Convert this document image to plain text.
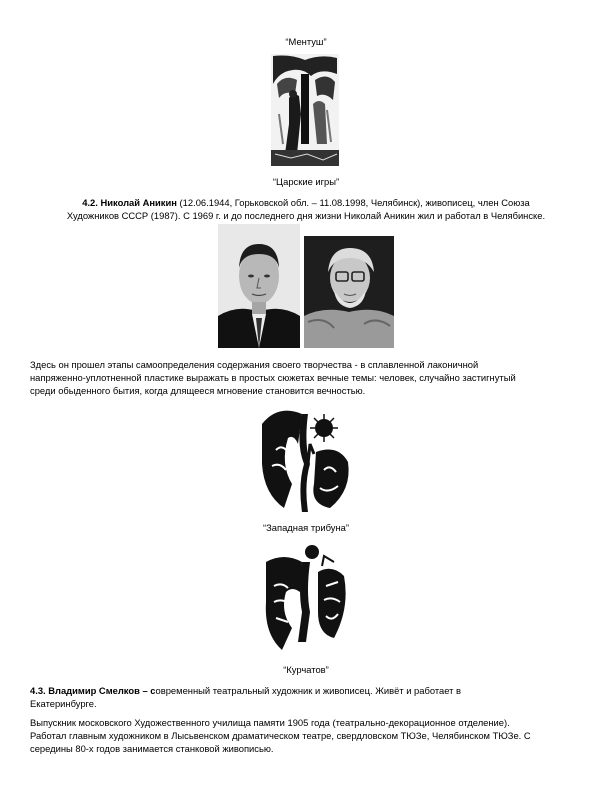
“Ментуш”
“Царские игры”
4.2. Николай Аникин (12.06.1944, Горьковской обл. – 11.08.1998, Челябинск), живописец, член Союза
Художников СССР (1987). С 1969 г. и до последнего дня жизни Николай Аникин жил и работал в Челябинске.
Здесь он прошел этапы самоопределения содержания своего творчества - в сплавленной лаконичной
напряженно-уплотненной пластике выражать в простых сюжетах вечные темы: человек, случайно застигнутый
среди обыденного бытия, когда длящееся мгновение становится вечностью.
“Западная трибуна”
“Курчатов”
4.3. Владимир Смелков – современный театральный художник и живописец. Живёт и работает в
Екатеринбурге.
Выпускник московского Художественного училища памяти 1905 года (театрально-декорационное отделение).
Работал главным художником в Лысьвенском драматическом театре, свердловском ТЮЗе, Челябинском ТЮЗе. С
середины 80-х годов занимается станковой живописью.
